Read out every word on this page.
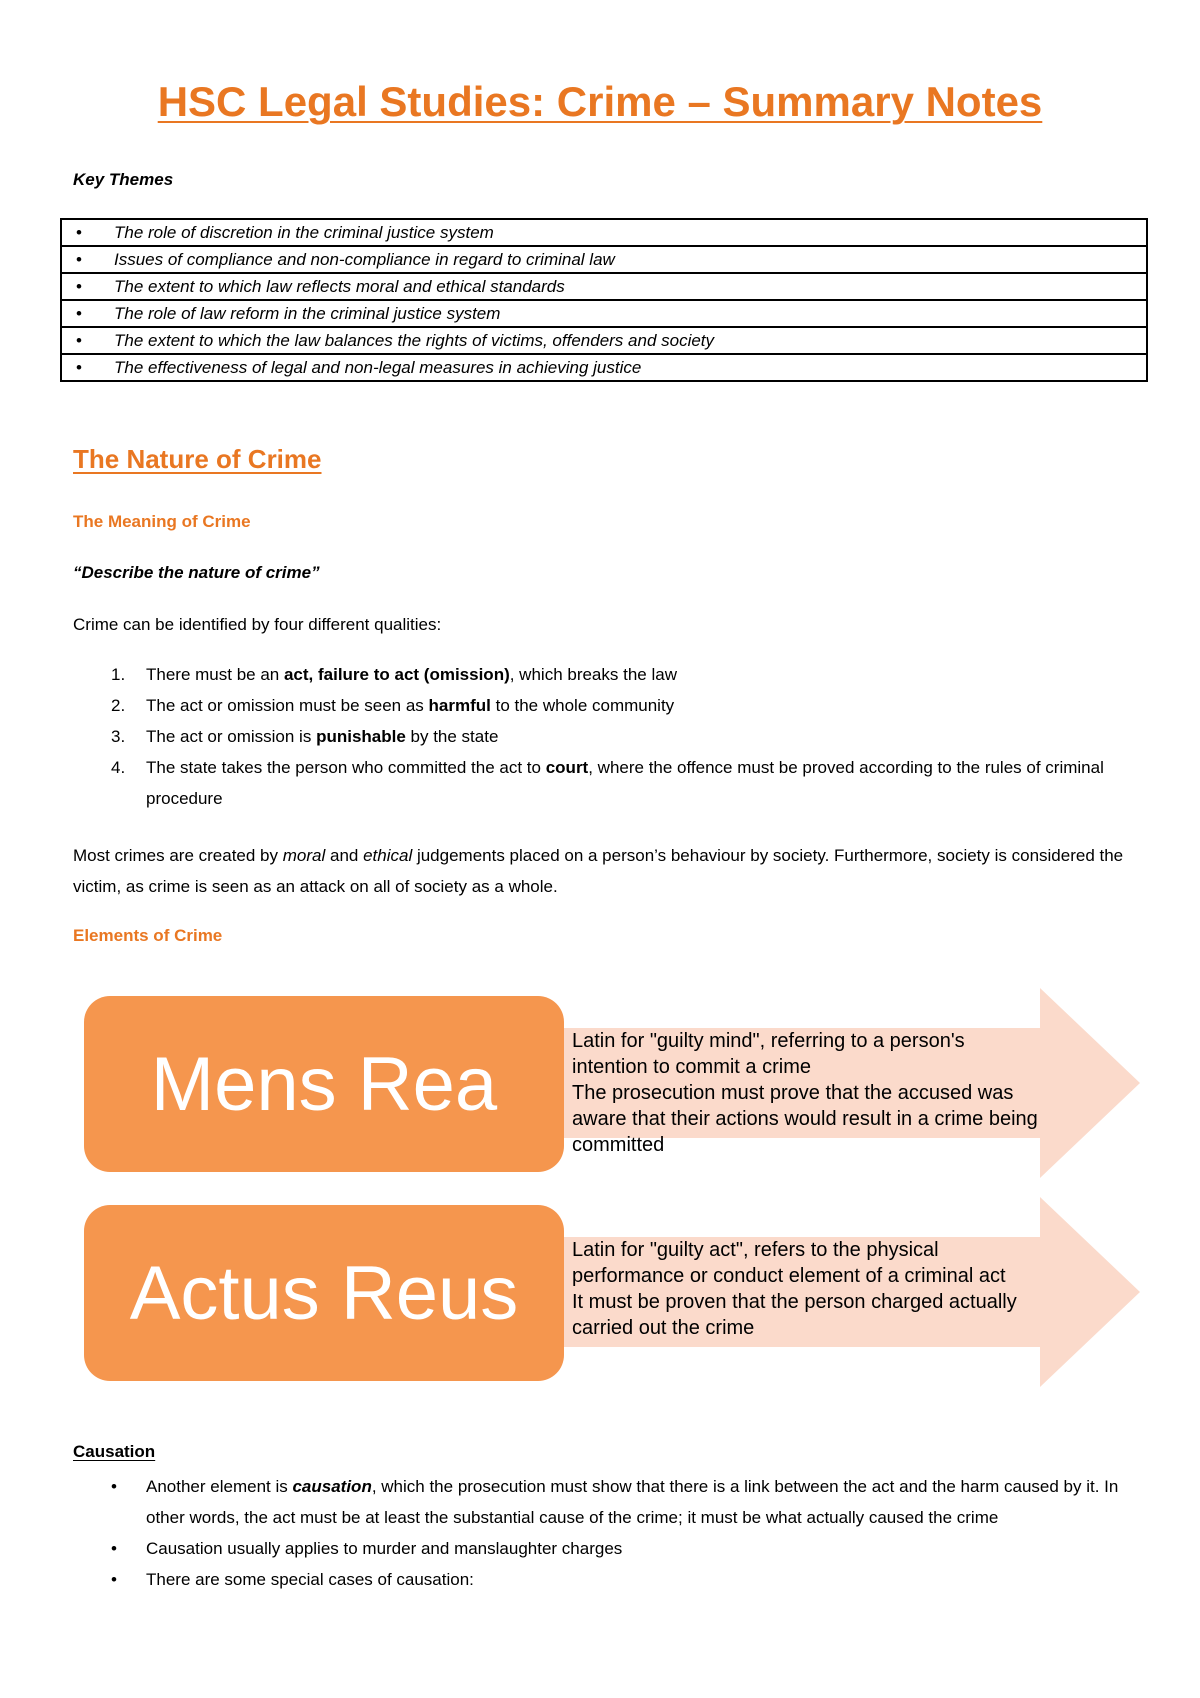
HSC Legal Studies: Crime – Summary Notes

Key Themes

• The role of discretion in the criminal justice system
• Issues of compliance and non-compliance in regard to criminal law
• The extent to which law reflects moral and ethical standards
• The role of law reform in the criminal justice system
• The extent to which the law balances the rights of victims, offenders and society
• The effectiveness of legal and non-legal measures in achieving justice
The Nature of Crime
The Meaning of Crime

“Describe the nature of crime”

Crime can be identified by four different qualities:

1. There must be an act, failure to act (omission), which breaks the law
2. The act or omission must be seen as harmful to the whole community
3. The act or omission is punishable by the state
4. The state takes the person who committed the act to court, where the offence must be proved according to the rules of criminal procedure

Most crimes are created by moral and ethical judgements placed on a person’s behaviour by society. Furthermore, society is considered the victim, as crime is seen as an attack on all of society as a whole.

Elements of Crime
Mens Rea

Latin for "guilty mind", referring to a person's intention to commit a crime

The prosecution must prove that the accused was aware that their actions would result in a crime being committed

Actus Reus

Latin for "guilty act", refers to the physical performance or conduct element of a criminal act

It must be proven that the person charged actually carried out the crime

Causation

• Another element is causation, which the prosecution must show that there is a link between the act and the harm caused by it. In other words, the act must be at least the substantial cause of the crime; it must be what actually caused the crime
• Causation usually applies to murder and manslaughter charges
• There are some special cases of causation:
